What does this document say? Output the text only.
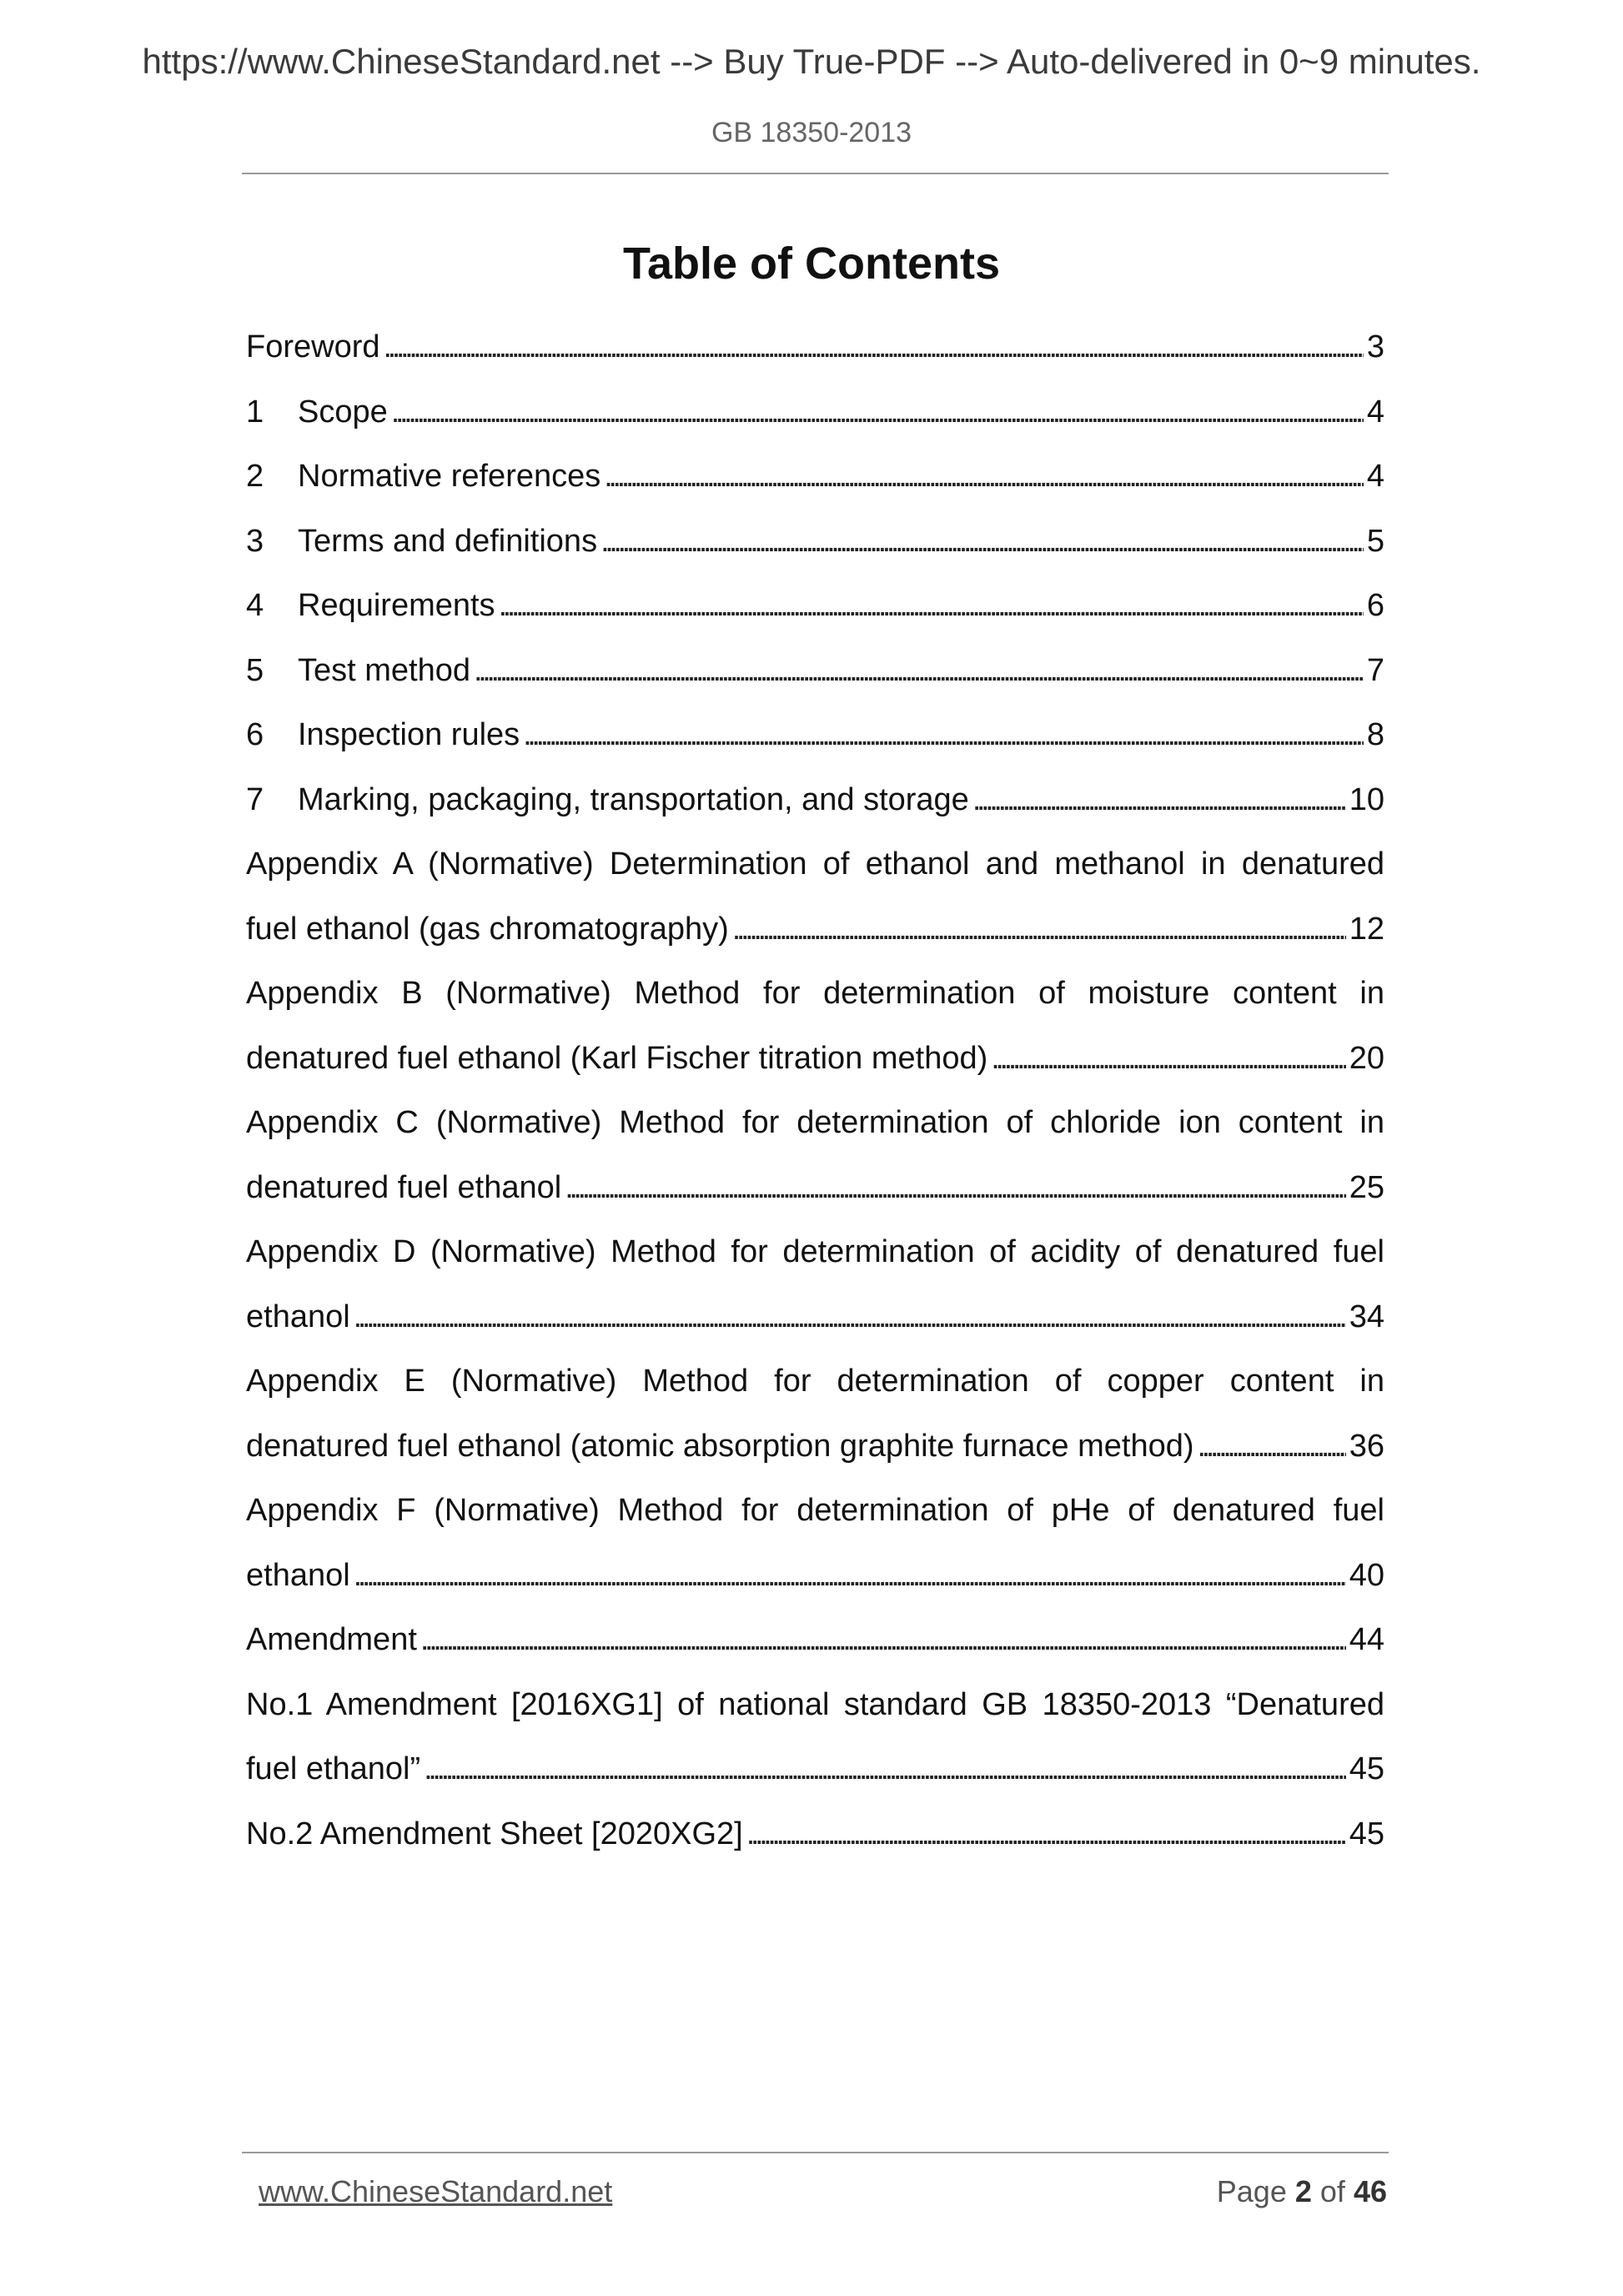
https://www.ChineseStandard.net --> Buy True-PDF --> Auto-delivered in 0~9 minutes.
GB 18350-2013
Table of Contents
Foreword . . .	3
1	Scope . . .	4
2	Normative references . . .	4
3	Terms and definitions . . .	5
4	Requirements . . .	6
5	Test method . . .	7
6	Inspection rules . . .	8
7	Marking, packaging, transportation, and storage . . .	10
Appendix A (Normative) Determination of ethanol and methanol in denatured
fuel ethanol (gas chromatography) . . .	12
Appendix B (Normative) Method for determination of moisture content in
denatured fuel ethanol (Karl Fischer titration method) . . .	20
Appendix C (Normative) Method for determination of chloride ion content in
denatured fuel ethanol . . .	25
Appendix D (Normative) Method for determination of acidity of denatured fuel
ethanol . . .	34
Appendix E (Normative) Method for determination of copper content in
denatured fuel ethanol (atomic absorption graphite furnace method) . . .	36
Appendix F (Normative) Method for determination of pHe of denatured fuel
ethanol . . .	40
Amendment . . .	44
No.1 Amendment [2016XG1] of national standard GB 18350-2013 “Denatured
fuel ethanol” . . .	45
No.2 Amendment Sheet [2020XG2] . . .	45
www.ChineseStandard.net	Page 2 of 46
